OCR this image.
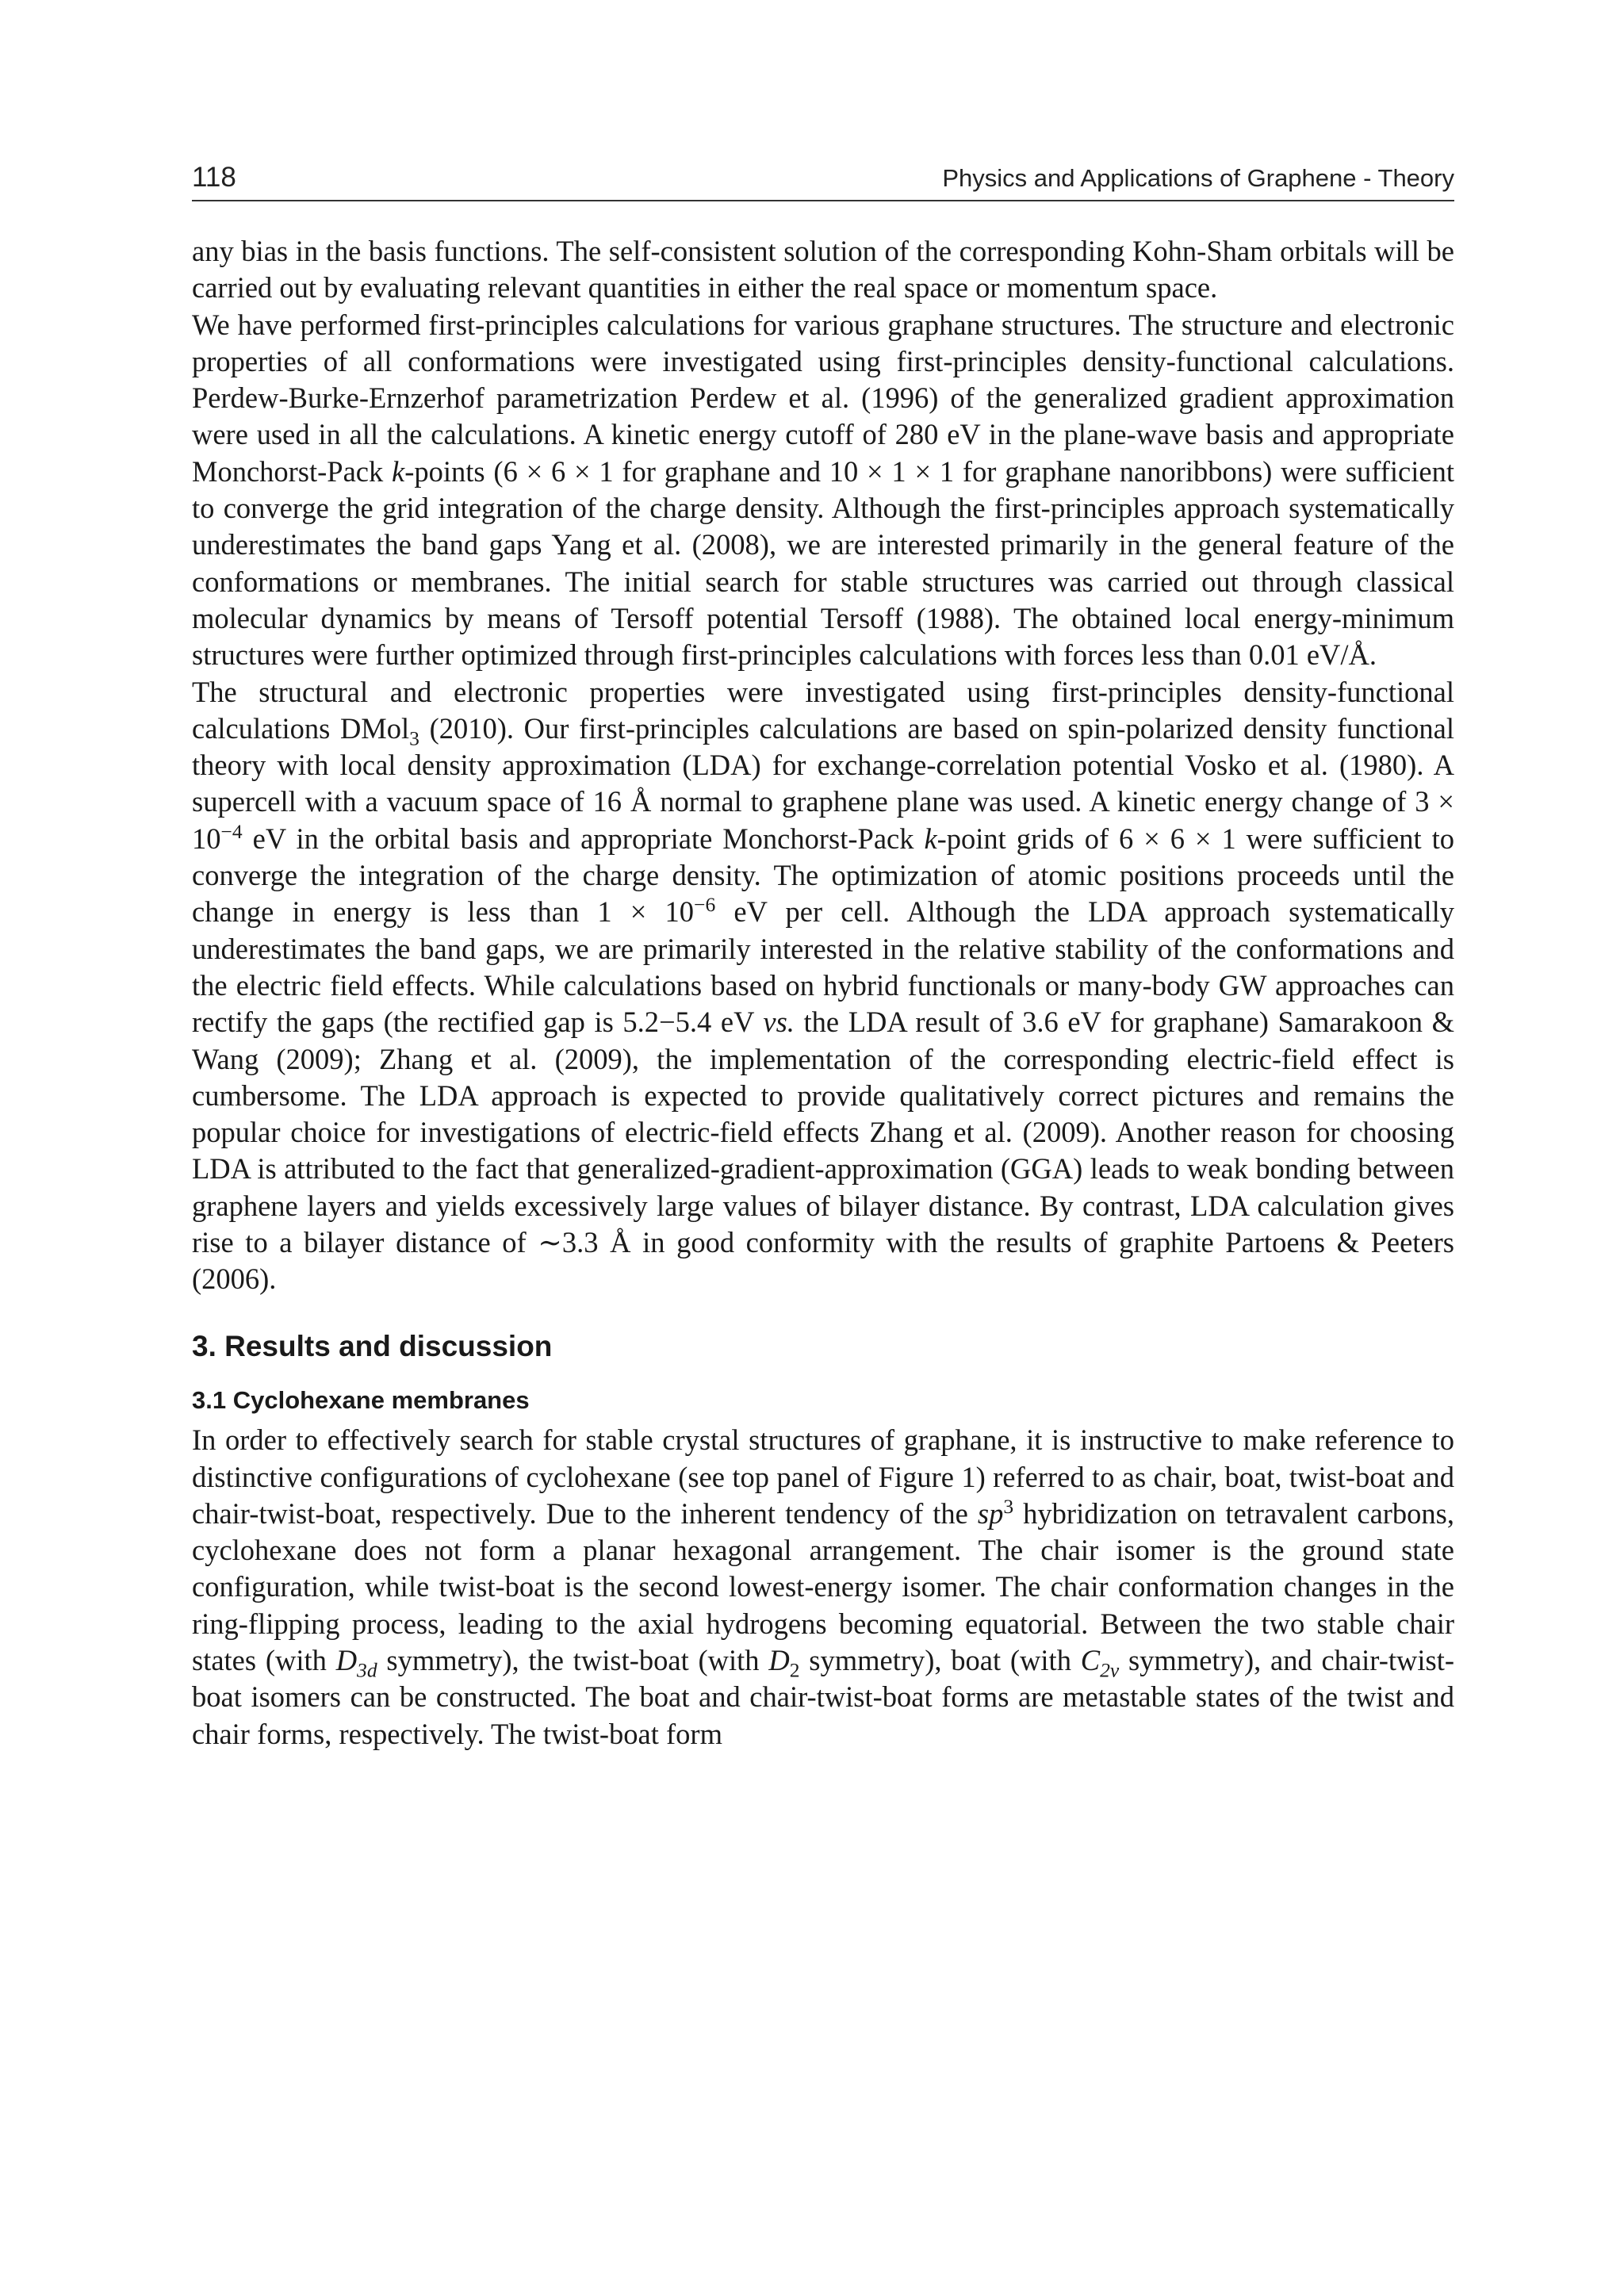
118	Physics and Applications of Graphene - Theory

any bias in the basis functions. The self-consistent solution of the corresponding Kohn-Sham orbitals will be carried out by evaluating relevant quantities in either the real space or momentum space.

We have performed first-principles calculations for various graphane structures. The structure and electronic properties of all conformations were investigated using first-principles density-functional calculations. Perdew-Burke-Ernzerhof parametrization Perdew et al. (1996) of the generalized gradient approximation were used in all the calculations. A kinetic energy cutoff of 280 eV in the plane-wave basis and appropriate Monchorst-Pack k-points (6 × 6 × 1 for graphane and 10 × 1 × 1 for graphane nanoribbons) were sufficient to converge the grid integration of the charge density. Although the first-principles approach systematically underestimates the band gaps Yang et al. (2008), we are interested primarily in the general feature of the conformations or membranes. The initial search for stable structures was carried out through classical molecular dynamics by means of Tersoff potential Tersoff (1988). The obtained local energy-minimum structures were further optimized through first-principles calculations with forces less than 0.01 eV/Å.

The structural and electronic properties were investigated using first-principles density-functional calculations DMol$_3$ (2010). Our first-principles calculations are based on spin-polarized density functional theory with local density approximation (LDA) for exchange-correlation potential Vosko et al. (1980). A supercell with a vacuum space of 16 Å normal to graphene plane was used. A kinetic energy change of $3 \times 10^{-4}$ eV in the orbital basis and appropriate Monchorst-Pack k-point grids of 6 × 6 × 1 were sufficient to converge the integration of the charge density. The optimization of atomic positions proceeds until the change in energy is less than $1 \times 10^{-6}$ eV per cell. Although the LDA approach systematically underestimates the band gaps, we are primarily interested in the relative stability of the conformations and the electric field effects. While calculations based on hybrid functionals or many-body GW approaches can rectify the gaps (the rectified gap is 5.2−5.4 eV vs. the LDA result of 3.6 eV for graphane) Samarakoon & Wang (2009); Zhang et al. (2009), the implementation of the corresponding electric-field effect is cumbersome. The LDA approach is expected to provide qualitatively correct pictures and remains the popular choice for investigations of electric-field effects Zhang et al. (2009). Another reason for choosing LDA is attributed to the fact that generalized-gradient-approximation (GGA) leads to weak bonding between graphene layers and yields excessively large values of bilayer distance. By contrast, LDA calculation gives rise to a bilayer distance of ∼3.3 Å in good conformity with the results of graphite Partoens & Peeters (2006).

3. Results and discussion
3.1 Cyclohexane membranes

In order to effectively search for stable crystal structures of graphane, it is instructive to make reference to distinctive configurations of cyclohexane (see top panel of Figure 1) referred to as chair, boat, twist-boat and chair-twist-boat, respectively. Due to the inherent tendency of the $sp^3$ hybridization on tetravalent carbons, cyclohexane does not form a planar hexagonal arrangement. The chair isomer is the ground state configuration, while twist-boat is the second lowest-energy isomer. The chair conformation changes in the ring-flipping process, leading to the axial hydrogens becoming equatorial. Between the two stable chair states (with $D_{3d}$ symmetry), the twist-boat (with $D_2$ symmetry), boat (with $C_{2v}$ symmetry), and chair-twist-boat isomers can be constructed. The boat and chair-twist-boat forms are metastable states of the twist and chair forms, respectively. The twist-boat form
